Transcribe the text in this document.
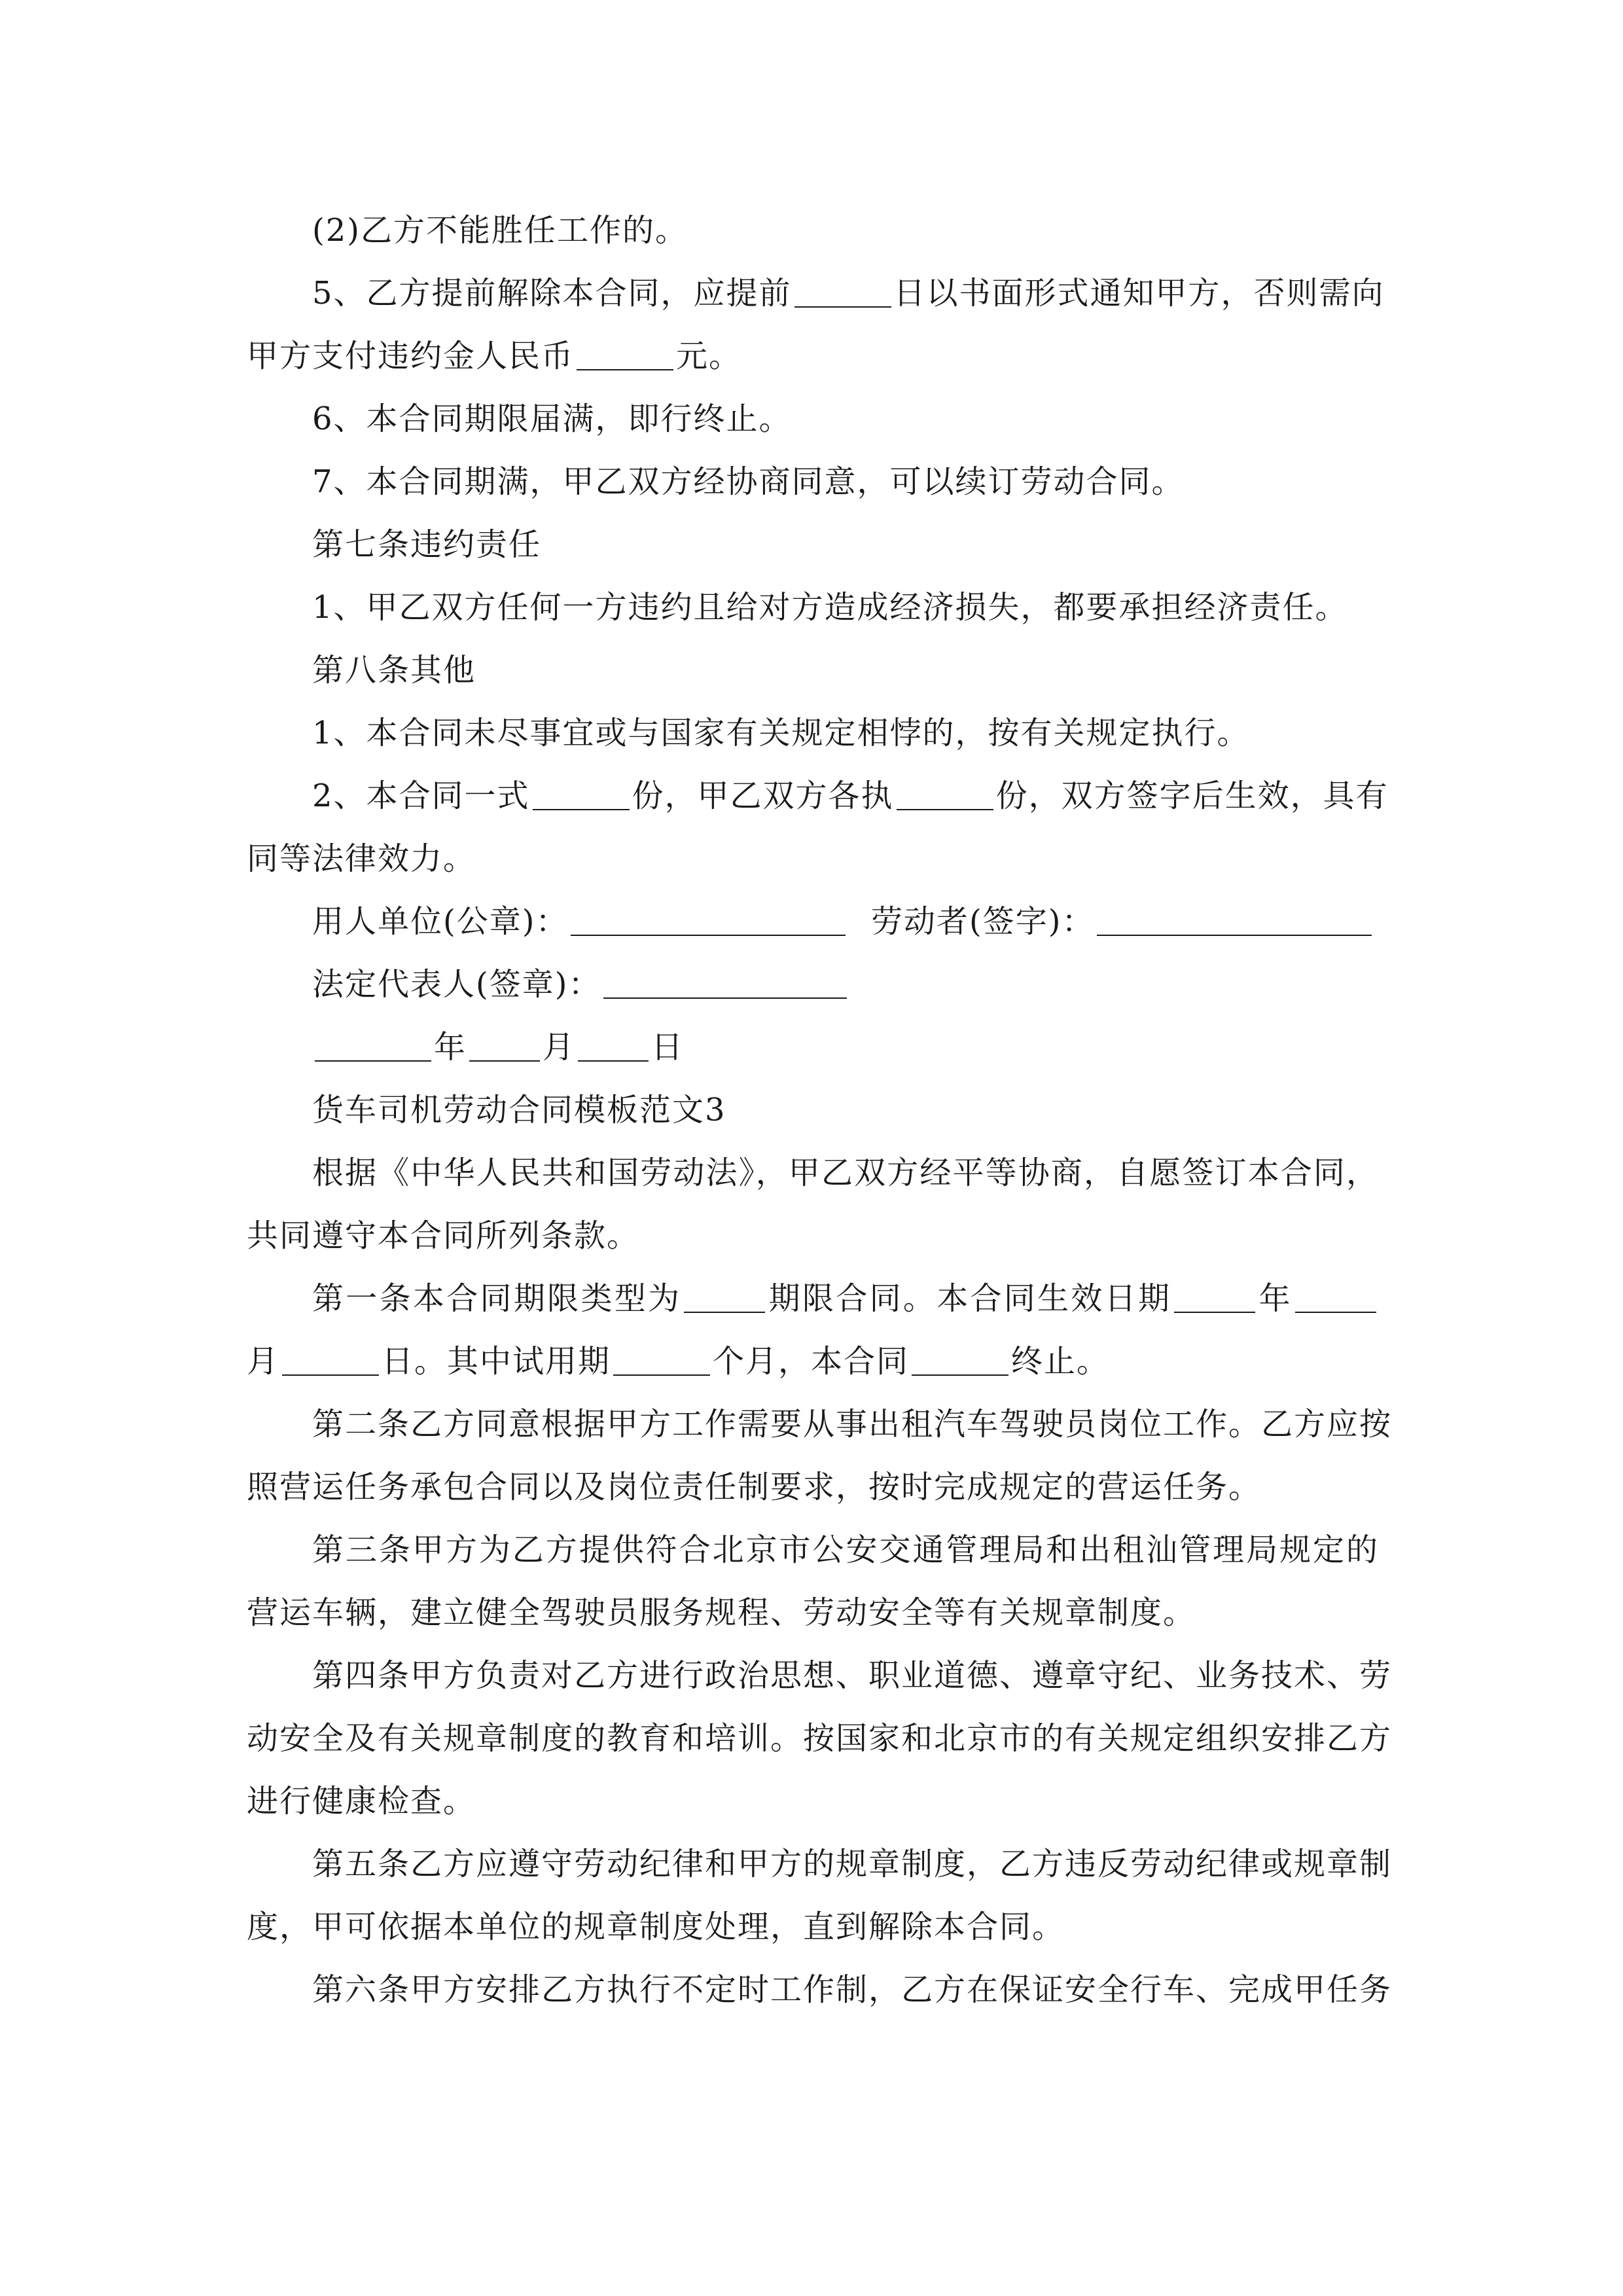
(2)乙方不能胜任工作的。
5、乙方提前解除本合同，应提前	日以书面形式通知甲方，否则需向
甲方支付违约金人民币	元。
6、本合同期限届满，即行终止。
7、本合同期满，甲乙双方经协商同意，可以续订劳动合同。
第七条违约责任
1、甲乙双方任何一方违约且给对方造成经济损失，都要承担经济责任。
第八条其他
1、本合同未尽事宜或与国家有关规定相悖的，按有关规定执行。
2、本合同一式	份，甲乙双方各执	份，双方签字后生效，具有
同等法律效力。
用人单位(公章)：	劳动者(签字)：
法定代表人(签章)：
年 月 日
货车司机劳动合同模板范文3
根据《中华人民共和国劳动法》，甲乙双方经平等协商，自愿签订本合同，
共同遵守本合同所列条款。
第一条本合同期限类型为	期限合同。本合同生效日期	年
月	日。其中试用期	个月，本合同	终止。
第二条乙方同意根据甲方工作需要从事出租汽车驾驶员岗位工作。乙方应按
照营运任务承包合同以及岗位责任制要求，按时完成规定的营运任务。
第三条甲方为乙方提供符合北京市公安交通管理局和出租汕管理局规定的
营运车辆，建立健全驾驶员服务规程、劳动安全等有关规章制度。
第四条甲方负责对乙方进行政治思想、职业道德、遵章守纪、业务技术、劳
动安全及有关规章制度的教育和培训。按国家和北京市的有关规定组织安排乙方
进行健康检查。
第五条乙方应遵守劳动纪律和甲方的规章制度，乙方违反劳动纪律或规章制
度，甲可依据本单位的规章制度处理，直到解除本合同。
第六条甲方安排乙方执行不定时工作制，乙方在保证安全行车、完成甲任务
